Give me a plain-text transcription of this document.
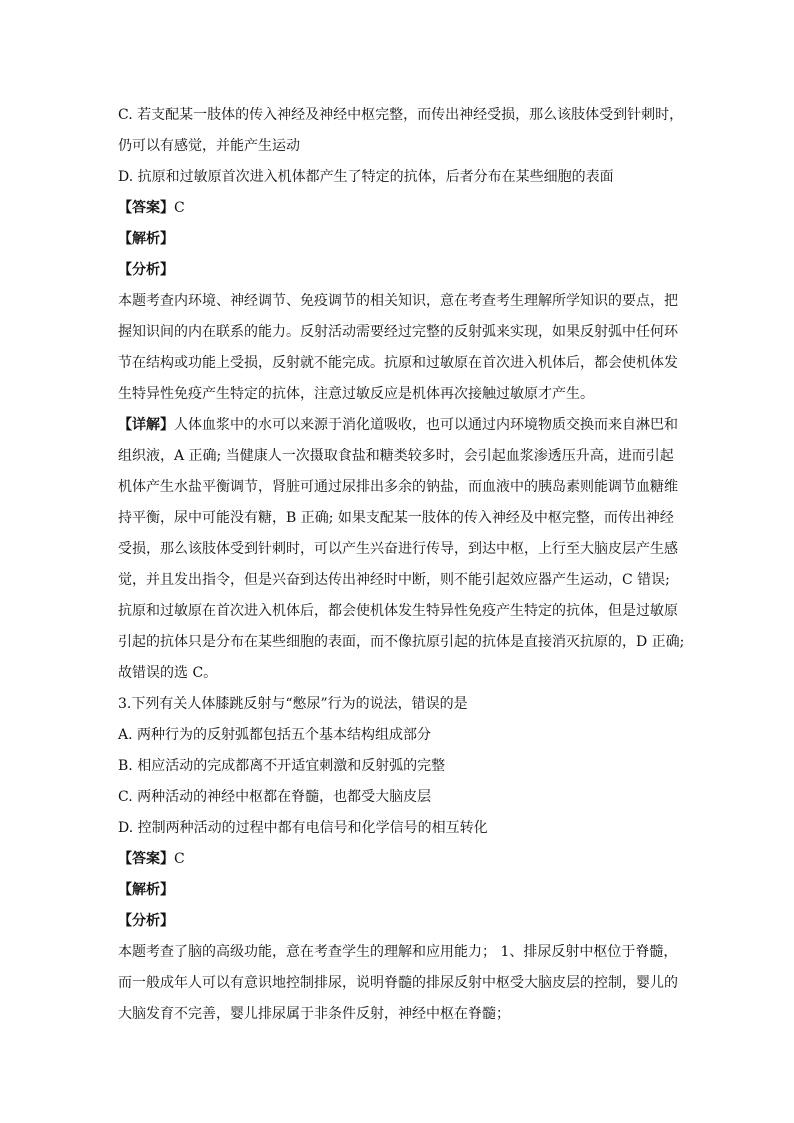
C. 若支配某一肢体的传入神经及神经中枢完整，而传出神经受损，那么该肢体受到针刺时，
仍可以有感觉，并能产生运动
D. 抗原和过敏原首次进入机体都产生了特定的抗体，后者分布在某些细胞的表面
【答案】C
【解析】
【分析】
本题考查内环境、神经调节、免疫调节的相关知识，意在考查考生理解所学知识的要点，把
握知识间的内在联系的能力。反射活动需要经过完整的反射弧来实现，如果反射弧中任何环
节在结构或功能上受损，反射就不能完成。抗原和过敏原在首次进入机体后，都会使机体发
生特异性免疫产生特定的抗体，注意过敏反应是机体再次接触过敏原才产生。
【详解】人体血浆中的水可以来源于消化道吸收，也可以通过内环境物质交换而来自淋巴和
组织液，A 正确; 当健康人一次摄取食盐和糖类较多时，会引起血浆渗透压升高，进而引起
机体产生水盐平衡调节，肾脏可通过尿排出多余的钠盐，而血液中的胰岛素则能调节血糖维
持平衡，尿中可能没有糖，B 正确; 如果支配某一肢体的传入神经及中枢完整，而传出神经
受损，那么该肢体受到针刺时，可以产生兴奋进行传导，到达中枢，上行至大脑皮层产生感
觉，并且发出指令，但是兴奋到达传出神经时中断，则不能引起效应器产生运动，C 错误;
抗原和过敏原在首次进入机体后，都会使机体发生特异性免疫产生特定的抗体，但是过敏原
引起的抗体只是分布在某些细胞的表面，而不像抗原引起的抗体是直接消灭抗原的，D 正确;
故错误的选 C。
3.下列有关人体膝跳反射与“憋尿”行为的说法，错误的是
A. 两种行为的反射弧都包括五个基本结构组成部分
B. 相应活动的完成都离不开适宜刺激和反射弧的完整
C. 两种活动的神经中枢都在脊髓，也都受大脑皮层
D. 控制两种活动的过程中都有电信号和化学信号的相互转化
【答案】C
【解析】
【分析】
本题考查了脑的高级功能，意在考查学生的理解和应用能力； 1、排尿反射中枢位于脊髓，
而一般成年人可以有意识地控制排尿，说明脊髓的排尿反射中枢受大脑皮层的控制，婴儿的
大脑发育不完善，婴儿排尿属于非条件反射，神经中枢在脊髓；
